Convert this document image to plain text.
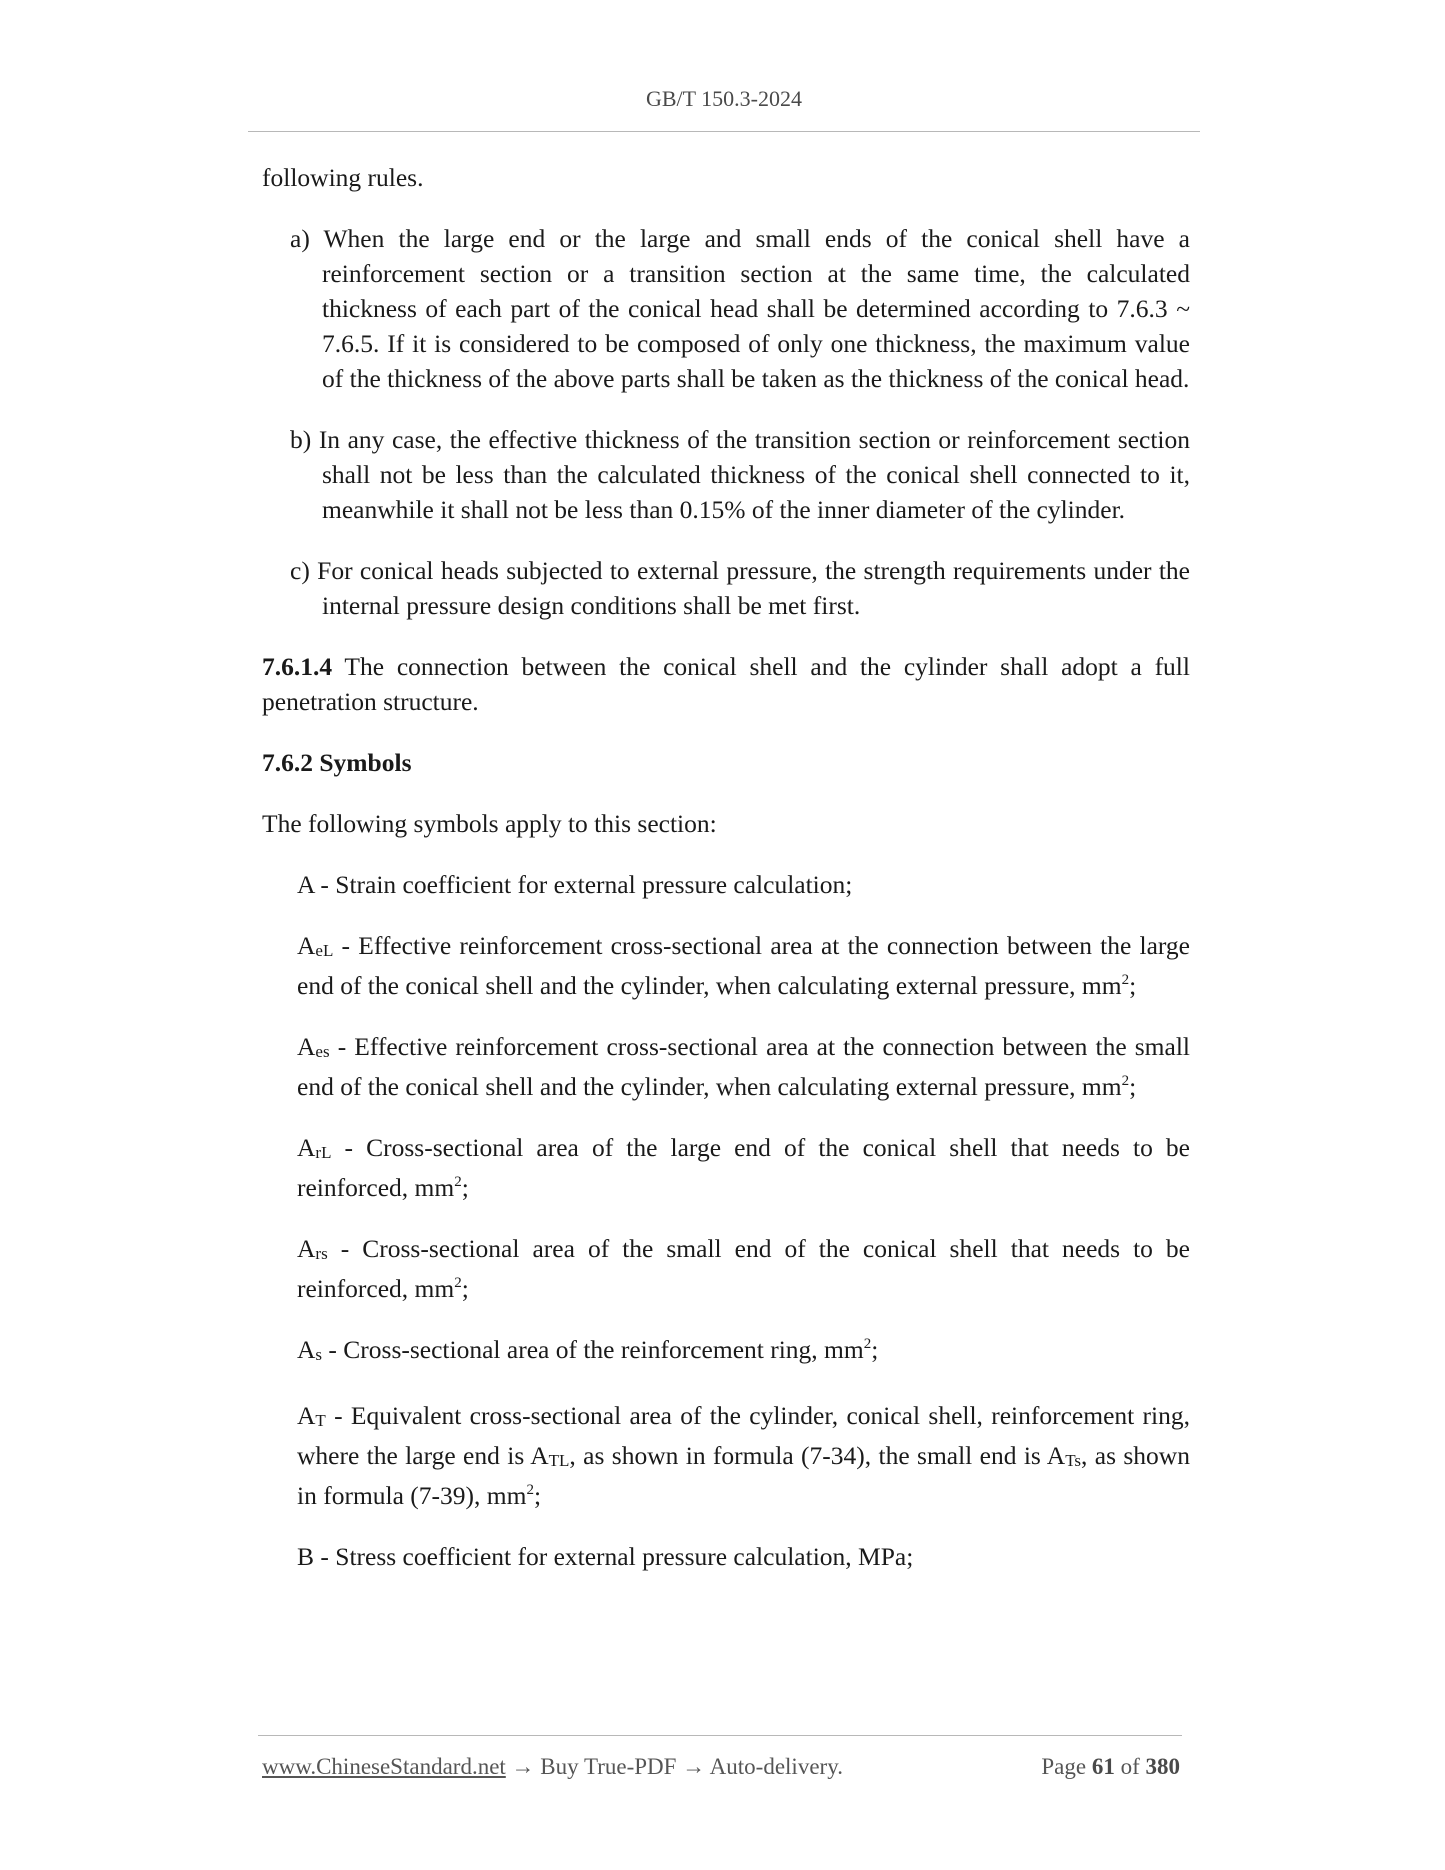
GB/T 150.3-2024

following rules.

a) When the large end or the large and small ends of the conical shell have a reinforcement section or a transition section at the same time, the calculated thickness of each part of the conical head shall be determined according to 7.6.3 ~ 7.6.5. If it is considered to be composed of only one thickness, the maximum value of the thickness of the above parts shall be taken as the thickness of the conical head.
b) In any case, the effective thickness of the transition section or reinforcement section shall not be less than the calculated thickness of the conical shell connected to it, meanwhile it shall not be less than 0.15% of the inner diameter of the cylinder.
c) For conical heads subjected to external pressure, the strength requirements under the internal pressure design conditions shall be met first.

7.6.1.4 The connection between the conical shell and the cylinder shall adopt a full penetration structure.

7.6.2 Symbols

The following symbols apply to this section:

A - Strain coefficient for external pressure calculation;

AeL - Effective reinforcement cross-sectional area at the connection between the large end of the conical shell and the cylinder, when calculating external pressure, $mm^2$;

Aes - Effective reinforcement cross-sectional area at the connection between the small end of the conical shell and the cylinder, when calculating external pressure, $mm^2$;

ArL - Cross-sectional area of the large end of the conical shell that needs to be reinforced, $mm^2$;

Ars - Cross-sectional area of the small end of the conical shell that needs to be reinforced, $mm^2$;

As - Cross-sectional area of the reinforcement ring, $mm^2$;

AT - Equivalent cross-sectional area of the cylinder, conical shell, reinforcement ring, where the large end is ATL, as shown in formula (7-34), the small end is ATs, as shown in formula (7-39), $mm^2$;

B - Stress coefficient for external pressure calculation, MPa;

www.ChineseStandard.net → Buy True-PDF → Auto-delivery.	Page 61 of 380
